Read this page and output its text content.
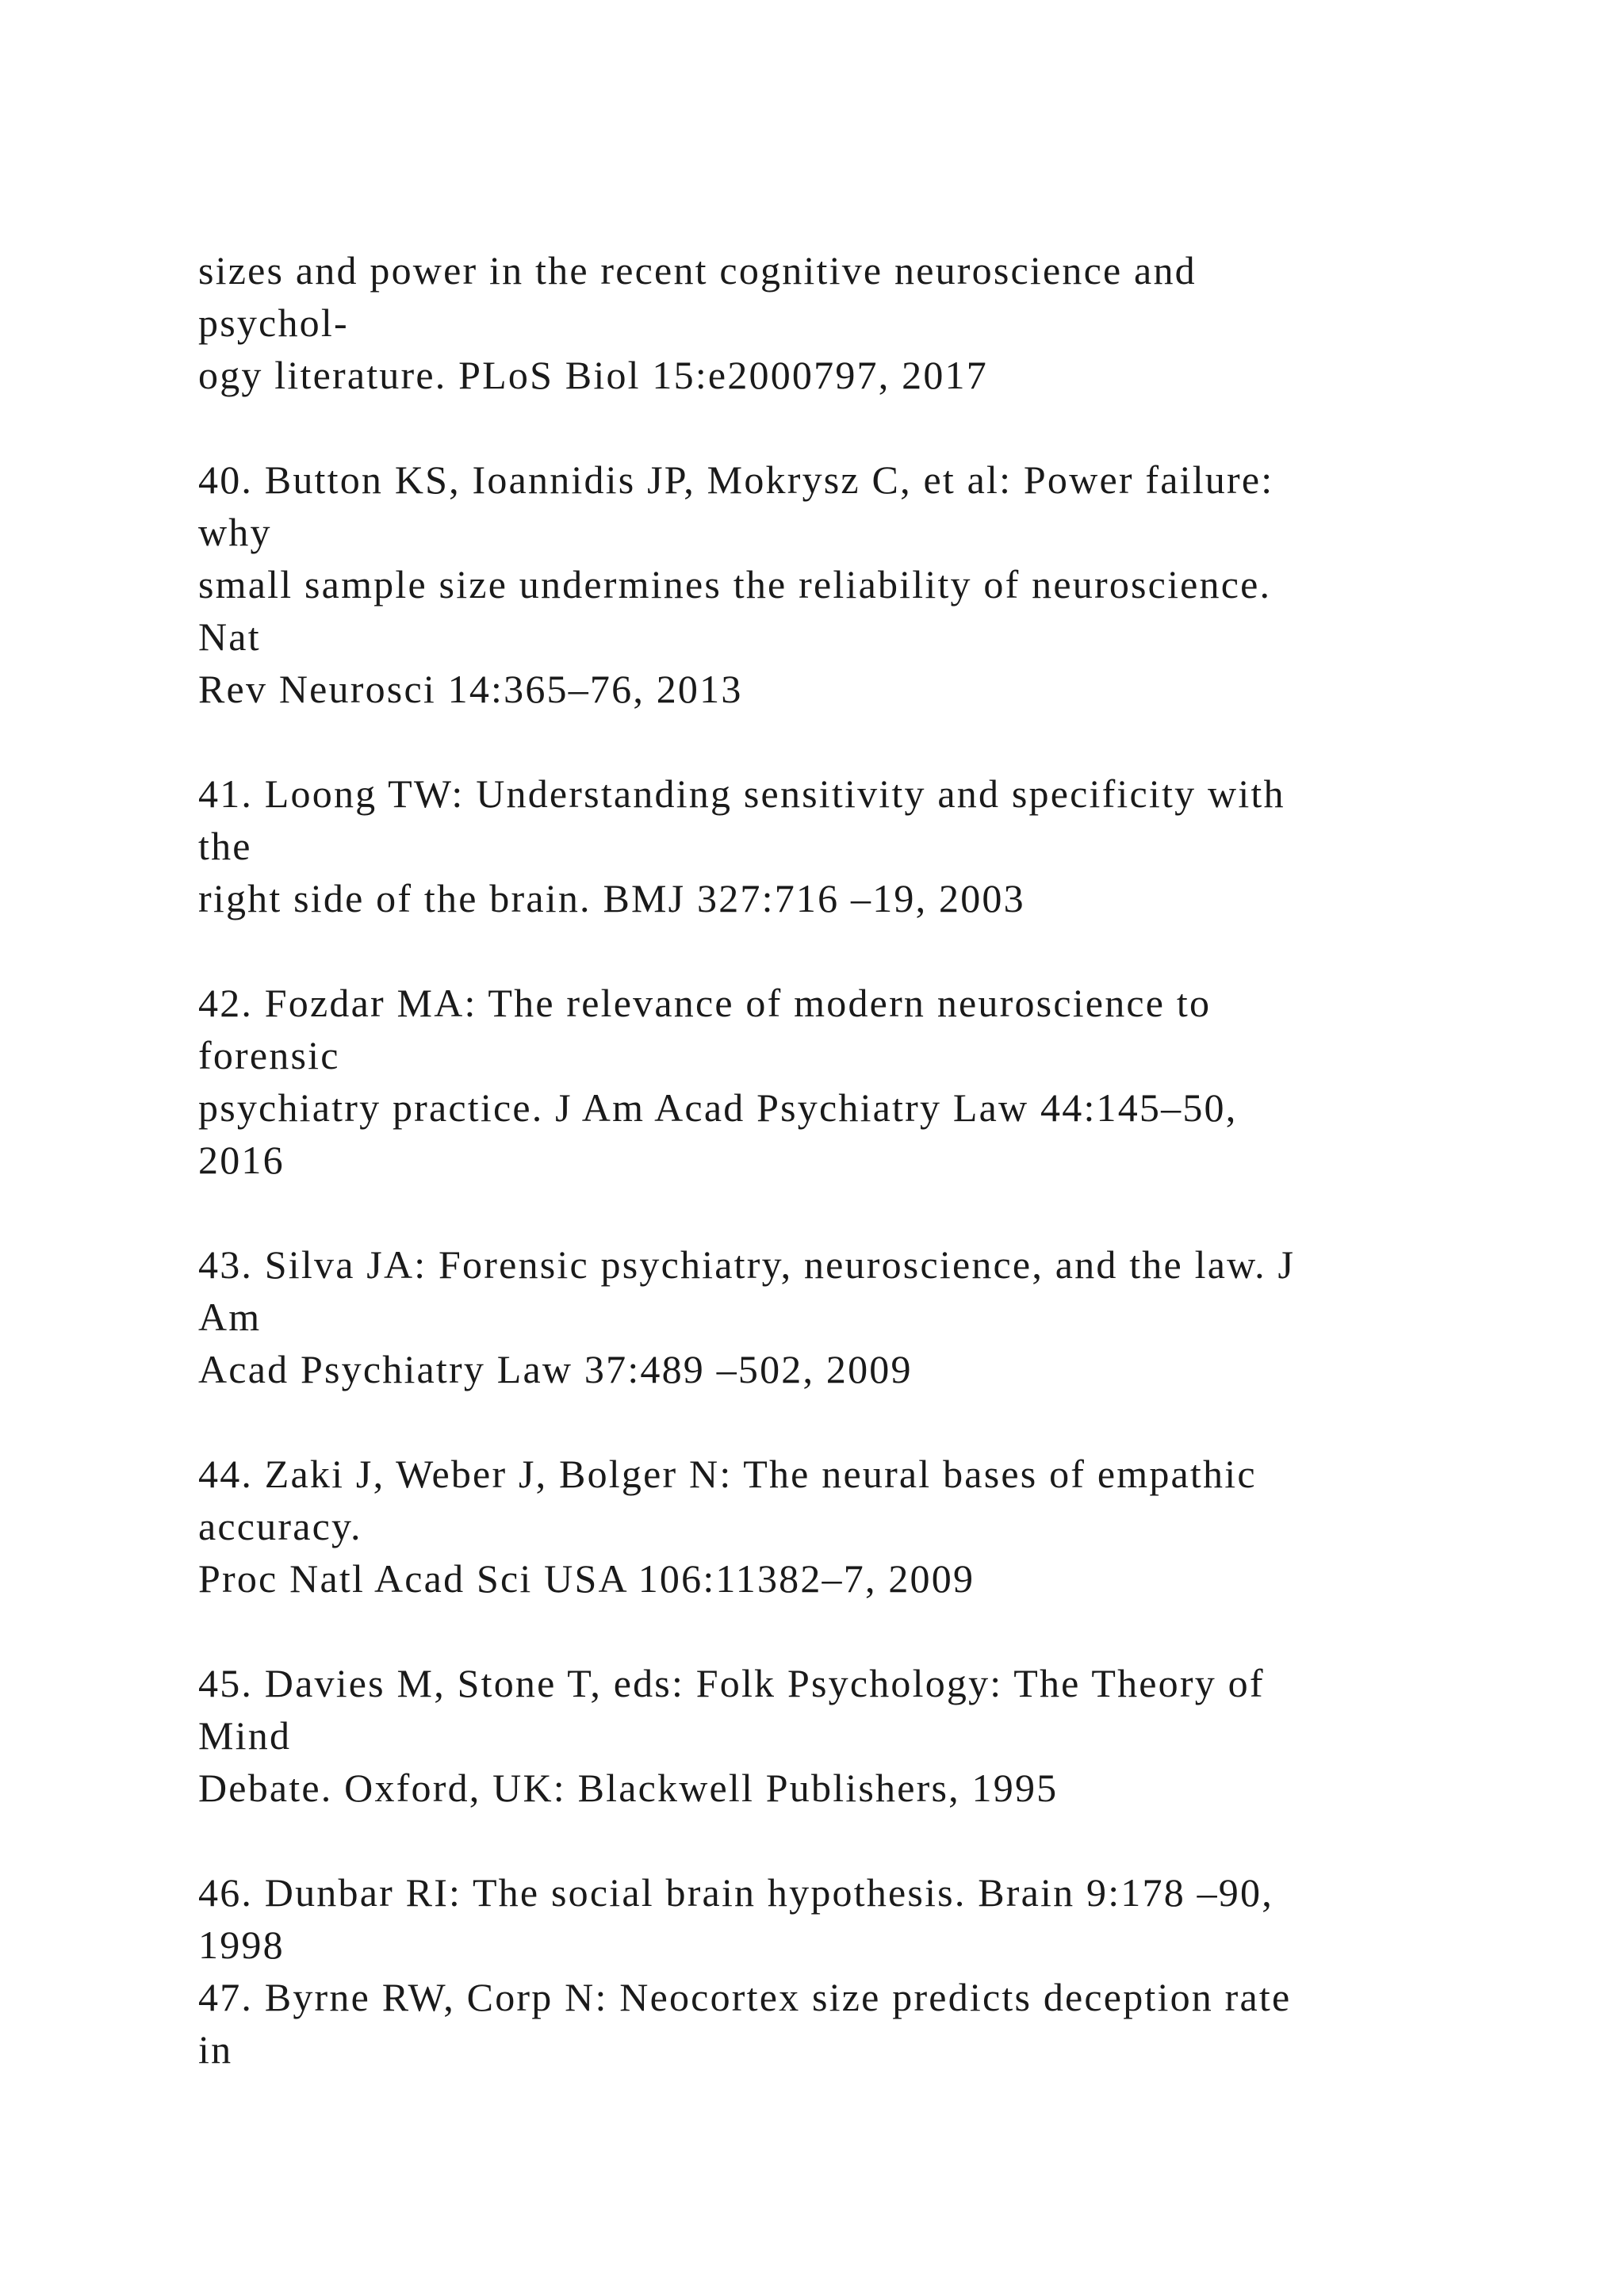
sizes and power in the recent cognitive neuroscience and
psychol-
ogy literature. PLoS Biol 15:e2000797, 2017
40. Button KS, Ioannidis JP, Mokrysz C, et al: Power failure:
why
small sample size undermines the reliability of neuroscience.
Nat
Rev Neurosci 14:365–76, 2013
41. Loong TW: Understanding sensitivity and specificity with
the
right side of the brain. BMJ 327:716 –19, 2003
42. Fozdar MA: The relevance of modern neuroscience to
forensic
psychiatry practice. J Am Acad Psychiatry Law 44:145–50,
2016
43. Silva JA: Forensic psychiatry, neuroscience, and the law. J
Am
Acad Psychiatry Law 37:489 –502, 2009
44. Zaki J, Weber J, Bolger N: The neural bases of empathic
accuracy.
Proc Natl Acad Sci USA 106:11382–7, 2009
45. Davies M, Stone T, eds: Folk Psychology: The Theory of
Mind
Debate. Oxford, UK: Blackwell Publishers, 1995
46. Dunbar RI: The social brain hypothesis. Brain 9:178 –90,
1998
47. Byrne RW, Corp N: Neocortex size predicts deception rate
in
